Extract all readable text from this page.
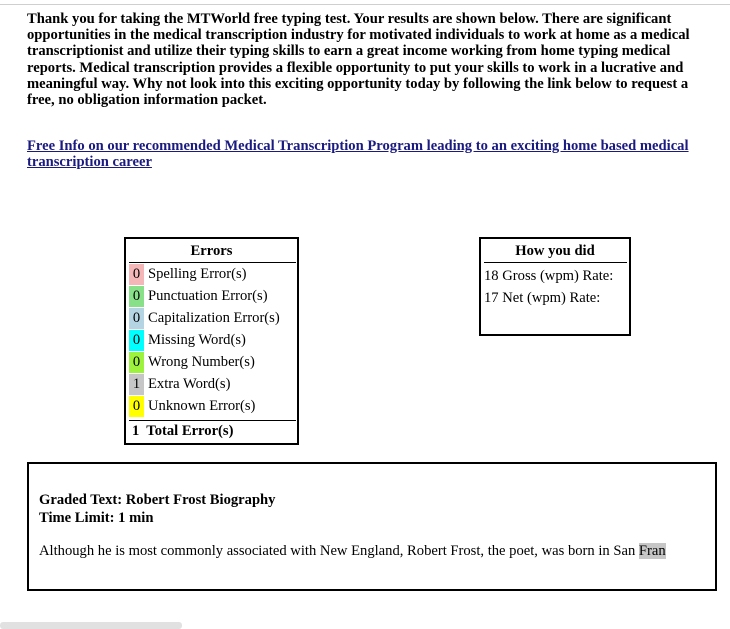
Thank you for taking the MTWorld free typing test. Your results are shown below. There are significant opportunities in the medical transcription industry for motivated individuals to work at home as a medical transcriptionist and utilize their typing skills to earn a great income working from home typing medical reports. Medical transcription provides a flexible opportunity to put your skills to work in a lucrative and meaningful way. Why not look into this exciting opportunity today by following the link below to request a free, no obligation information packet.

Free Info on our recommended Medical Transcription Program leading to an exciting home based medical transcription career
Errors
0 Spelling Error(s)
0 Punctuation Error(s)
0 Capitalization Error(s)
0 Missing Word(s)
0 Wrong Number(s)
1 Extra Word(s)
0 Unknown Error(s)
1 Total Error(s)
How you did
18 Gross (wpm) Rate:
17 Net (wpm) Rate:
Graded Text: Robert Frost Biography
Time Limit: 1 min
Although he is most commonly associated with New England, Robert Frost, the poet, was born in San Fran
